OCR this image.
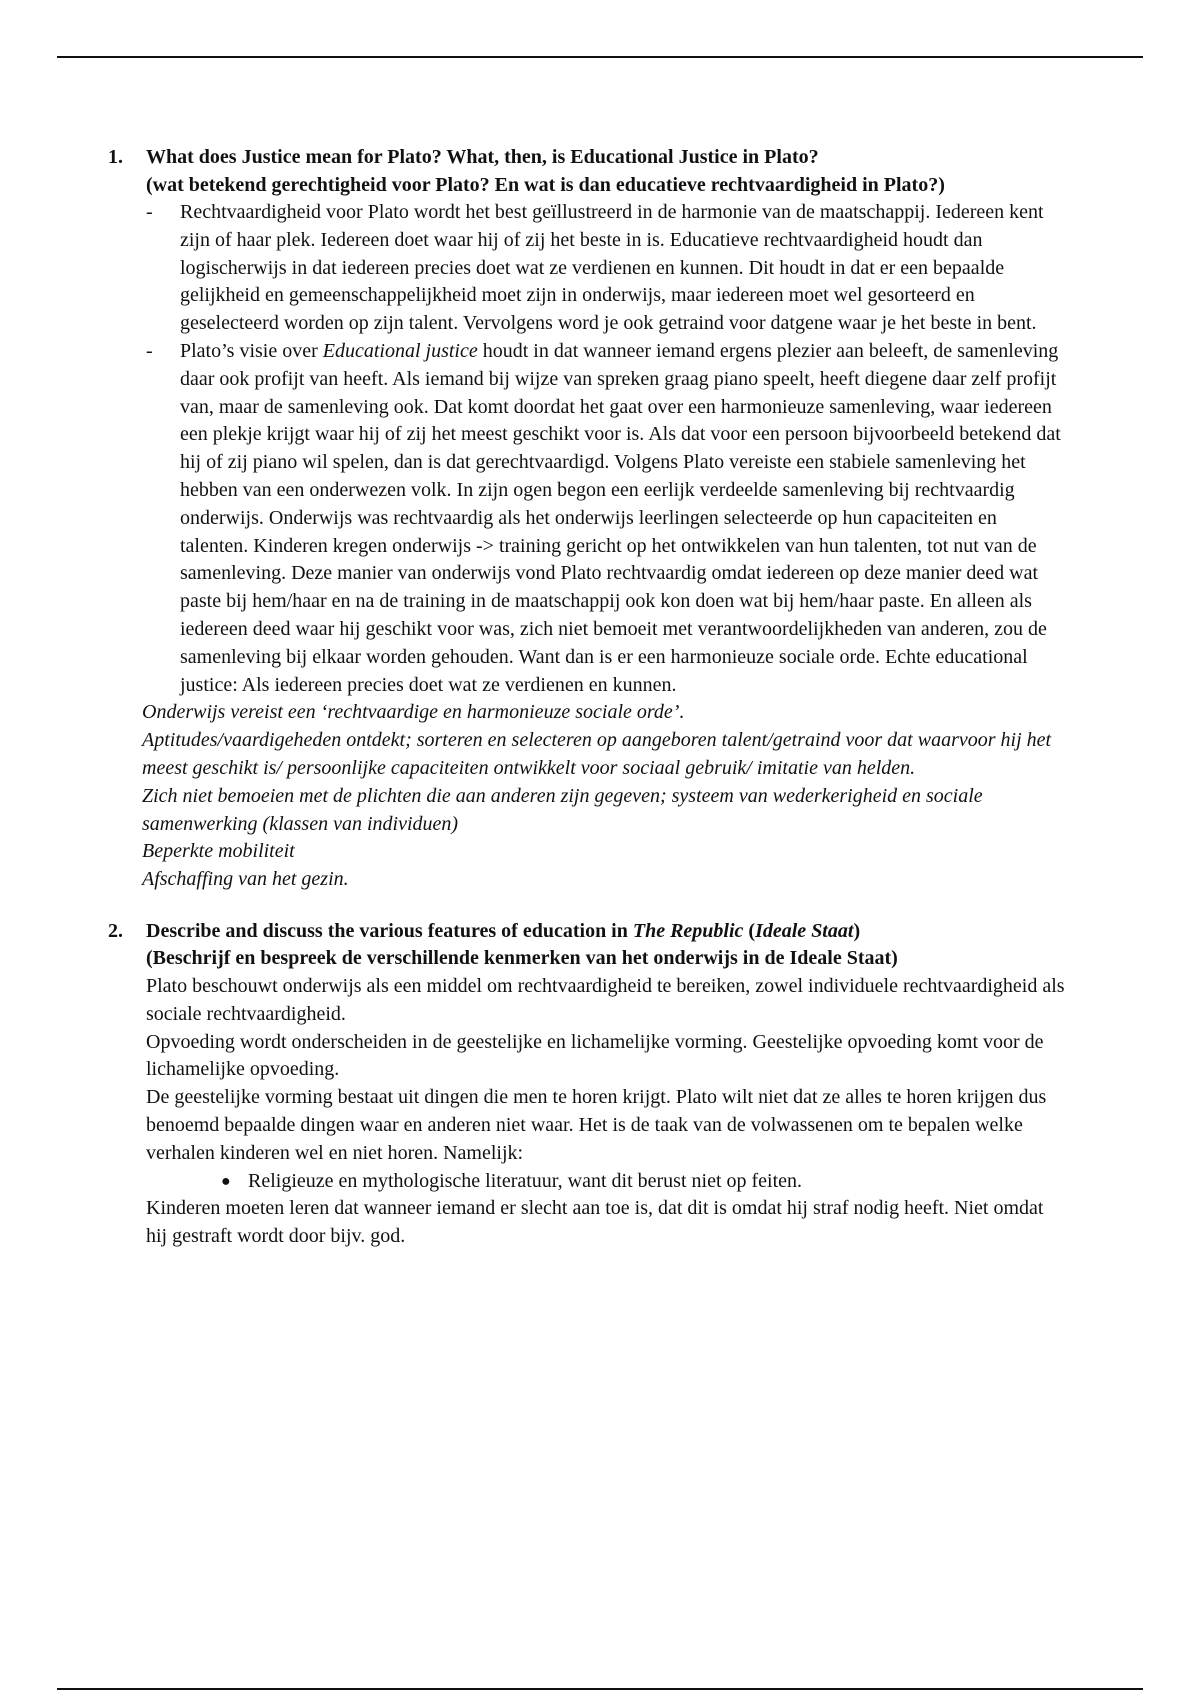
1. What does Justice mean for Plato? What, then, is Educational Justice in Plato?

(wat betekend gerechtigheid voor Plato? En wat is dan educatieve rechtvaardigheid in Plato?)

- Rechtvaardigheid voor Plato wordt het best geïllustreerd in de harmonie van de maatschappij. Iedereen kent zijn of haar plek. Iedereen doet waar hij of zij het beste in is. Educatieve rechtvaardigheid houdt dan logischerwijs in dat iedereen precies doet wat ze verdienen en kunnen. Dit houdt in dat er een bepaalde gelijkheid en gemeenschappelijkheid moet zijn in onderwijs, maar iedereen moet wel gesorteerd en geselecteerd worden op zijn talent. Vervolgens word je ook getraind voor datgene waar je het beste in bent.
- Plato’s visie over Educational justice houdt in dat wanneer iemand ergens plezier aan beleeft, de samenleving daar ook profijt van heeft. Als iemand bij wijze van spreken graag piano speelt, heeft diegene daar zelf profijt van, maar de samenleving ook. Dat komt doordat het gaat over een harmonieuze samenleving, waar iedereen een plekje krijgt waar hij of zij het meest geschikt voor is. Als dat voor een persoon bijvoorbeeld betekend dat hij of zij piano wil spelen, dan is dat gerechtvaardigd. Volgens Plato vereiste een stabiele samenleving het hebben van een onderwezen volk. In zijn ogen begon een eerlijk verdeelde samenleving bij rechtvaardig onderwijs. Onderwijs was rechtvaardig als het onderwijs leerlingen selecteerde op hun capaciteiten en talenten. Kinderen kregen onderwijs -> training gericht op het ontwikkelen van hun talenten, tot nut van de samenleving. Deze manier van onderwijs vond Plato rechtvaardig omdat iedereen op deze manier deed wat paste bij hem/haar en na de training in de maatschappij ook kon doen wat bij hem/haar paste. En alleen als iedereen deed waar hij geschikt voor was, zich niet bemoeit met verantwoordelijkheden van anderen, zou de samenleving bij elkaar worden gehouden. Want dan is er een harmonieuze sociale orde. Echte educational justice: Als iedereen precies doet wat ze verdienen en kunnen.

Onderwijs vereist een ‘rechtvaardige en harmonieuze sociale orde’.

Aptitudes/vaardigeheden ontdekt; sorteren en selecteren op aangeboren talent/getraind voor dat waarvoor hij het meest geschikt is/ persoonlijke capaciteiten ontwikkelt voor sociaal gebruik/ imitatie van helden.

Zich niet bemoeien met de plichten die aan anderen zijn gegeven; systeem van wederkerigheid en sociale samenwerking (klassen van individuen)

Beperkte mobiliteit

Afschaffing van het gezin.

2. Describe and discuss the various features of education in The Republic (Ideale Staat)

(Beschrijf en bespreek de verschillende kenmerken van het onderwijs in de Ideale Staat)

Plato beschouwt onderwijs als een middel om rechtvaardigheid te bereiken, zowel individuele rechtvaardigheid als sociale rechtvaardigheid.

Opvoeding wordt onderscheiden in de geestelijke en lichamelijke vorming. Geestelijke opvoeding komt voor de lichamelijke opvoeding.

De geestelijke vorming bestaat uit dingen die men te horen krijgt. Plato wilt niet dat ze alles te horen krijgen dus benoemd bepaalde dingen waar en anderen niet waar. Het is de taak van de volwassenen om te bepalen welke verhalen kinderen wel en niet horen. Namelijk:

● Religieuze en mythologische literatuur, want dit berust niet op feiten.

Kinderen moeten leren dat wanneer iemand er slecht aan toe is, dat dit is omdat hij straf nodig heeft. Niet omdat hij gestraft wordt door bijv. god.
